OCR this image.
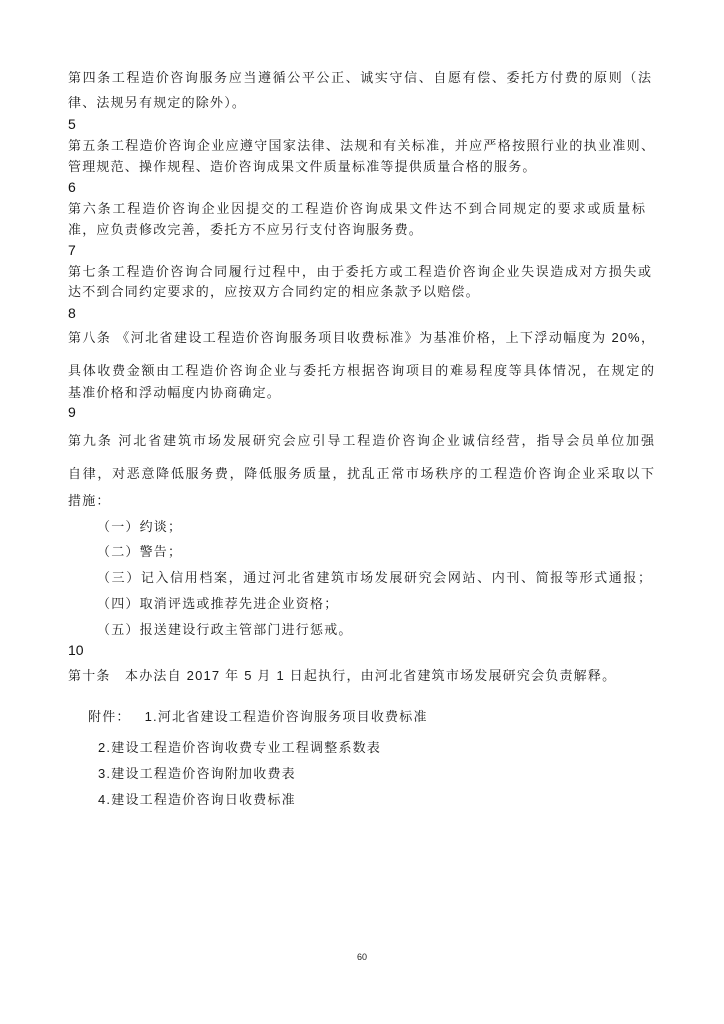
第四条工程造价咨询服务应当遵循公平公正、诚实守信、自愿有偿、委托方付费的原则（法
律、法规另有规定的除外）。
5
第五条工程造价咨询企业应遵守国家法律、法规和有关标准，并应严格按照行业的执业准则、
管理规范、操作规程、造价咨询成果文件质量标准等提供质量合格的服务。
6
第六条工程造价咨询企业因提交的工程造价咨询成果文件达不到合同规定的要求或质量标
准，应负责修改完善，委托方不应另行支付咨询服务费。
7
第七条工程造价咨询合同履行过程中，由于委托方或工程造价咨询企业失误造成对方损失或
达不到合同约定要求的，应按双方合同约定的相应条款予以赔偿。
8
第八条 《河北省建设工程造价咨询服务项目收费标准》为基准价格，上下浮动幅度为 20%，
具体收费金额由工程造价咨询企业与委托方根据咨询项目的难易程度等具体情况，在规定的
基准价格和浮动幅度内协商确定。
9
第九条 河北省建筑市场发展研究会应引导工程造价咨询企业诚信经营，指导会员单位加强
自律，对恶意降低服务费，降低服务质量，扰乱正常市场秩序的工程造价咨询企业采取以下
措施：
（一）约谈；
（二）警告；
（三）记入信用档案，通过河北省建筑市场发展研究会网站、内刊、简报等形式通报；
（四）取消评选或推荐先进企业资格；
（五）报送建设行政主管部门进行惩戒。
10
第十条   本办法自 2017 年 5 月 1 日起执行，由河北省建筑市场发展研究会负责解释。
附件： 1.河北省建设工程造价咨询服务项目收费标准
2.建设工程造价咨询收费专业工程调整系数表
3.建设工程造价咨询附加收费表
4.建设工程造价咨询日收费标准
60
